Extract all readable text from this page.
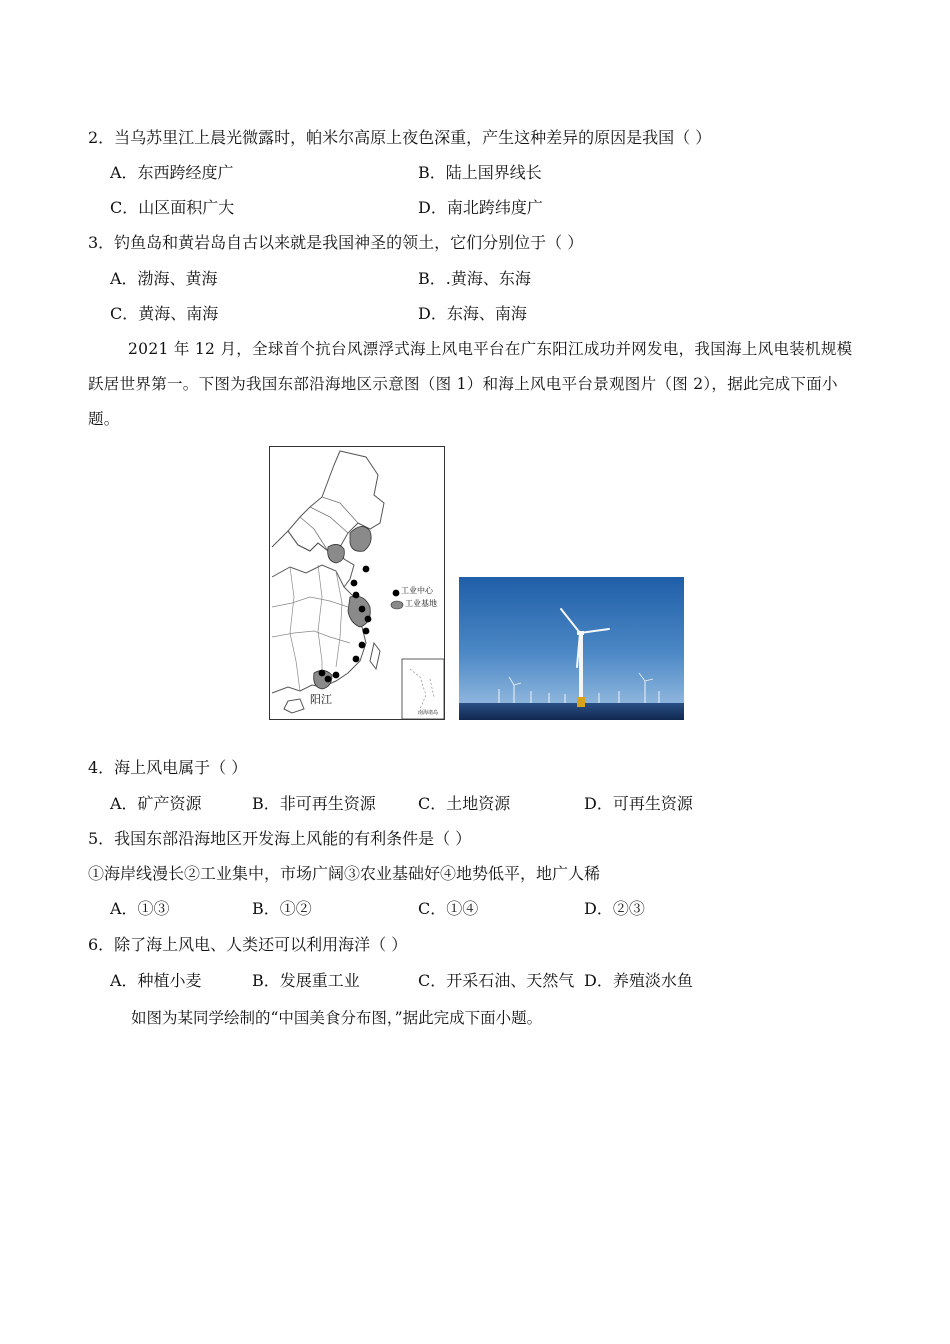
2．当乌苏里江上晨光微露时，帕米尔高原上夜色深重，产生这种差异的原因是我国（ ）
A．东西跨经度广	B．陆上国界线长
C．山区面积广大	D．南北跨纬度广
3．钓鱼岛和黄岩岛自古以来就是我国神圣的领土，它们分别位于（ ）
A．渤海、黄海	B．.黄海、东海
C．黄海、南海	D．东海、南海
2021 年 12 月，全球首个抗台风漂浮式海上风电平台在广东阳江成功并网发电，我国海上风电装机规模跃居世界第一。下图为我国东部沿海地区示意图（图 1）和海上风电平台景观图片（图 2），据此完成下面小题。
工业中心
工业基地
阳江
南海诸岛
4．海上风电属于（ ）
A．矿产资源	B．非可再生资源	C．土地资源	D．可再生资源
5．我国东部沿海地区开发海上风能的有利条件是（ ）
①海岸线漫长②工业集中，市场广阔③农业基础好④地势低平，地广人稀
A．①③	B．①②	C．①④	D．②③
6．除了海上风电、人类还可以利用海洋（ ）
A．种植小麦	B．发展重工业	C．开采石油、天然气 D．养殖淡水鱼
如图为某同学绘制的“中国美食分布图，”据此完成下面小题。
